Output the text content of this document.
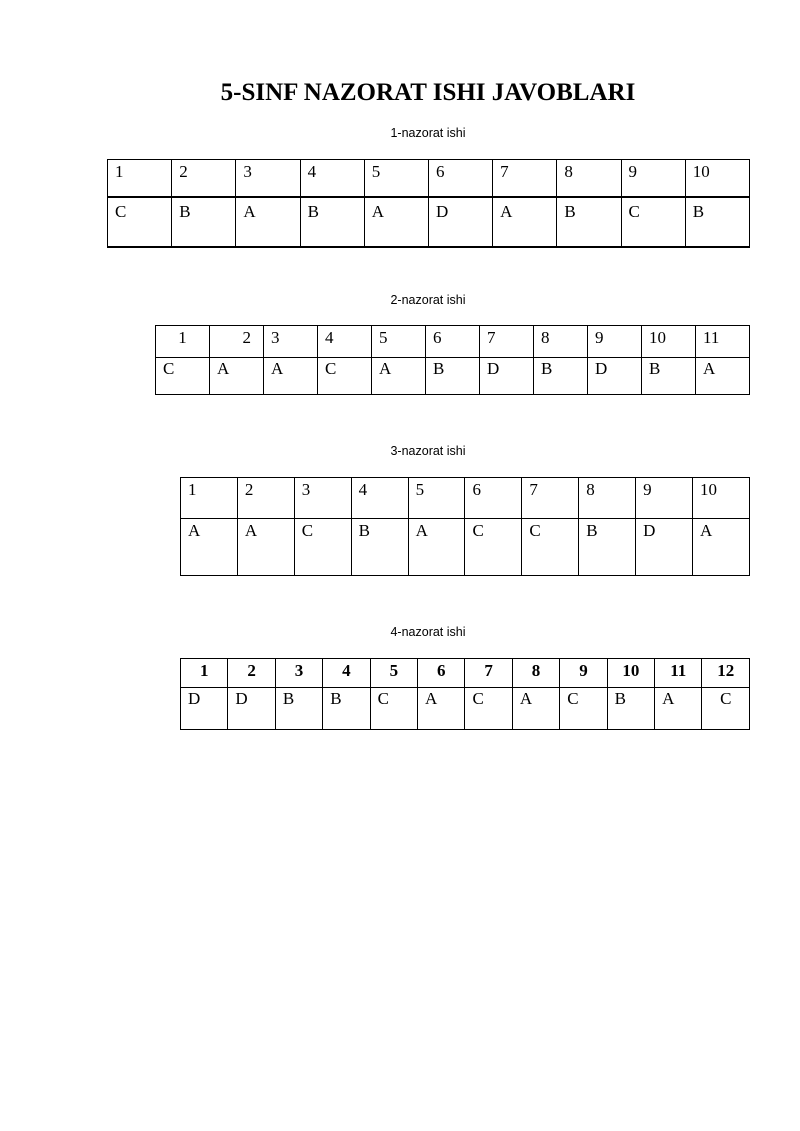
5-SINF NAZORAT ISHI JAVOBLARI
1-nazorat ishi
1	2	3	4	5	6	7	8	9	10
C	B	A	B	A	D	A	B	C	B
2-nazorat ishi
1	2	3	4	5	6	7	8	9	10	11
C	A	A	C	A	B	D	B	D	B	A
3-nazorat ishi
1	2	3	4	5	6	7	8	9	10
A	A	C	B	A	C	C	B	D	A
4-nazorat ishi
1	2	3	4	5	6	7	8	9	10	11	12
D	D	B	B	C	A	C	A	C	B	A	C
